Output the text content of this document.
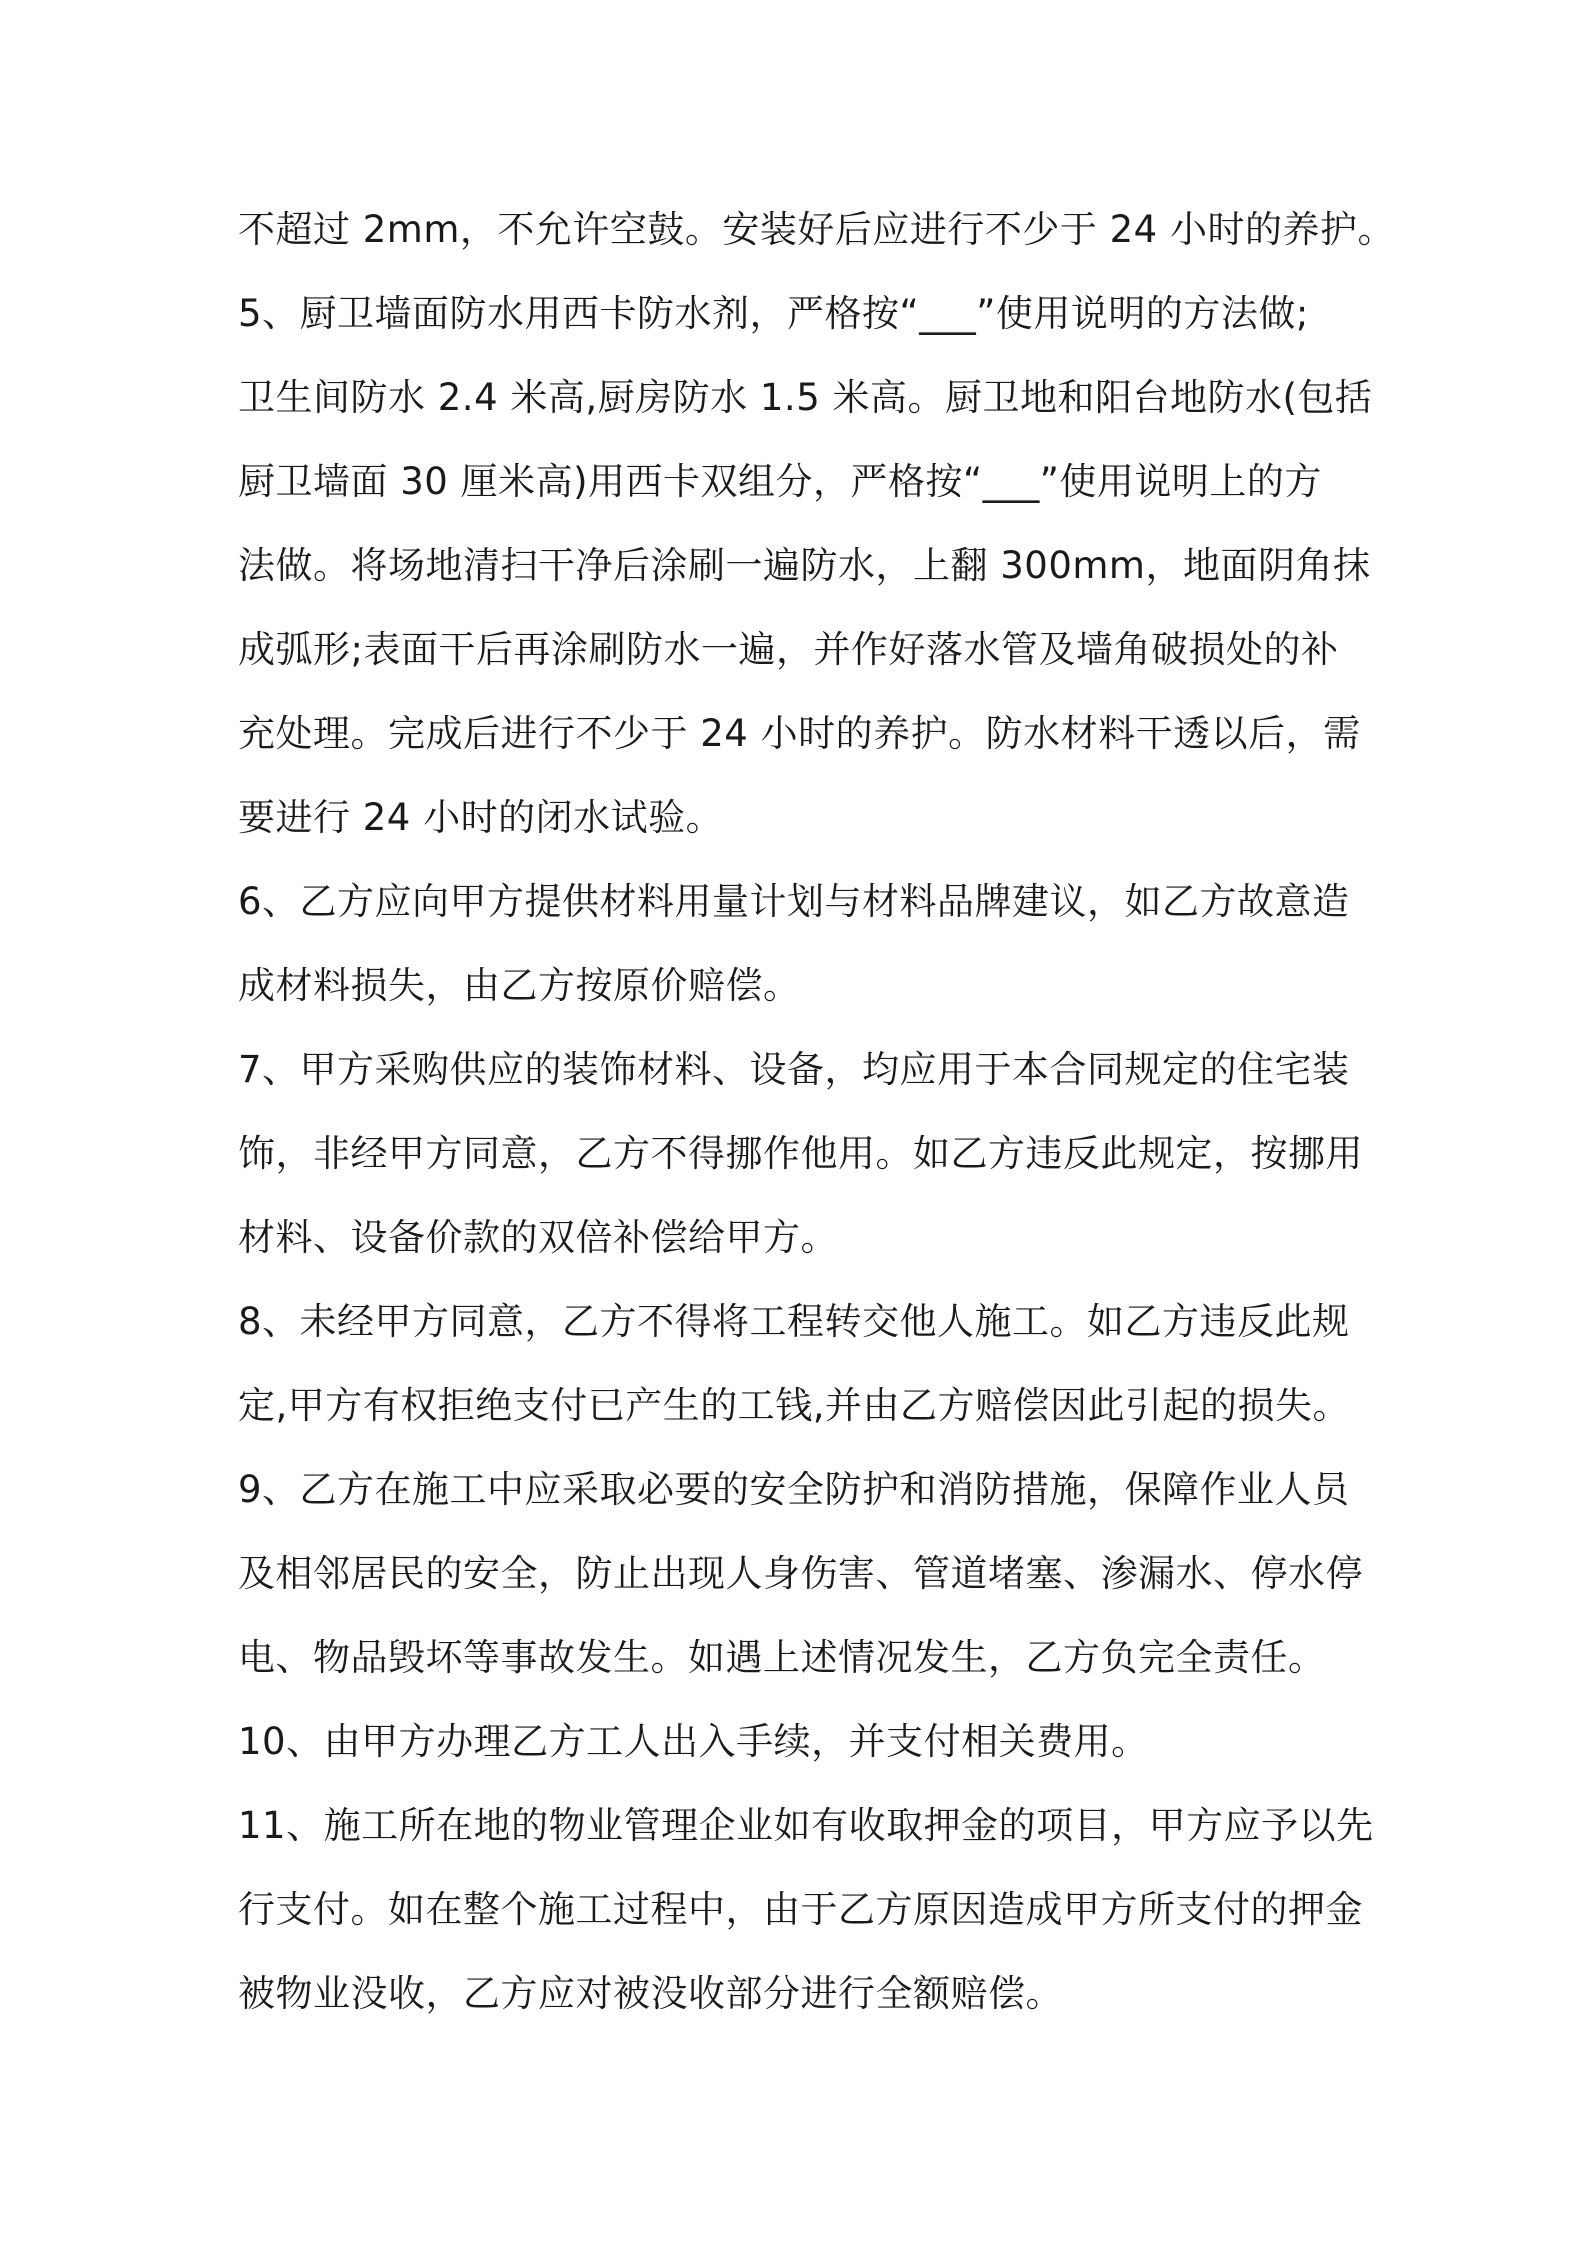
不超过 2mm，不允许空鼓。安装好后应进行不少于 24 小时的养护。
5、厨卫墙面防水用西卡防水剂，严格按“___”使用说明的方法做;
卫生间防水 2.4 米高,厨房防水 1.5 米高。厨卫地和阳台地防水(包括
厨卫墙面 30 厘米高)用西卡双组分，严格按“___”使用说明上的方
法做。将场地清扫干净后涂刷一遍防水，上翻 300mm，地面阴角抹
成弧形;表面干后再涂刷防水一遍，并作好落水管及墙角破损处的补
充处理。完成后进行不少于 24 小时的养护。防水材料干透以后，需
要进行 24 小时的闭水试验。
6、乙方应向甲方提供材料用量计划与材料品牌建议，如乙方故意造
成材料损失，由乙方按原价赔偿。
7、甲方采购供应的装饰材料、设备，均应用于本合同规定的住宅装
饰，非经甲方同意，乙方不得挪作他用。如乙方违反此规定，按挪用
材料、设备价款的双倍补偿给甲方。
8、未经甲方同意，乙方不得将工程转交他人施工。如乙方违反此规
定,甲方有权拒绝支付已产生的工钱,并由乙方赔偿因此引起的损失。
9、乙方在施工中应采取必要的安全防护和消防措施，保障作业人员
及相邻居民的安全，防止出现人身伤害、管道堵塞、渗漏水、停水停
电、物品毁坏等事故发生。如遇上述情况发生，乙方负完全责任。
10、由甲方办理乙方工人出入手续，并支付相关费用。
11、施工所在地的物业管理企业如有收取押金的项目，甲方应予以先
行支付。如在整个施工过程中，由于乙方原因造成甲方所支付的押金
被物业没收，乙方应对被没收部分进行全额赔偿。
